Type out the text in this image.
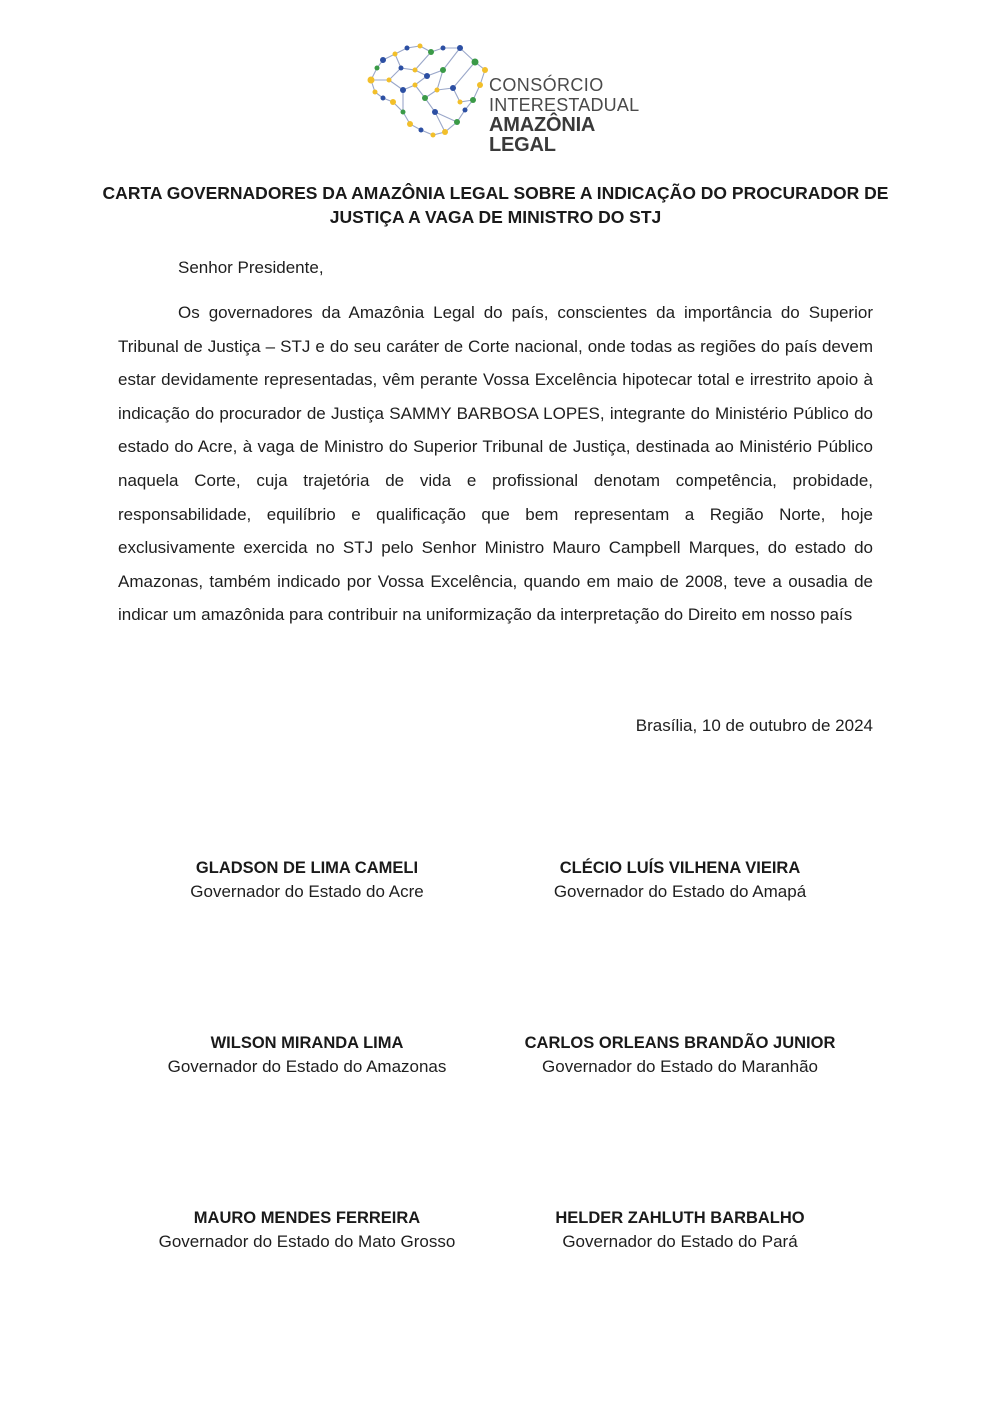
CONSÓRCIO
INTERESTADUAL
AMAZÔNIA LEGAL
CARTA GOVERNADORES DA AMAZÔNIA LEGAL SOBRE A INDICAÇÃO DO PROCURADOR DE JUSTIÇA A VAGA DE MINISTRO DO STJ

Senhor Presidente,

Os governadores da Amazônia Legal do país, conscientes da importância do Superior Tribunal de Justiça – STJ e do seu caráter de Corte nacional, onde todas as regiões do país devem estar devidamente representadas, vêm perante Vossa Excelência hipotecar total e irrestrito apoio à indicação do procurador de Justiça SAMMY BARBOSA LOPES, integrante do Ministério Público do estado do Acre, à vaga de Ministro do Superior Tribunal de Justiça, destinada ao Ministério Público naquela Corte, cuja trajetória de vida e profissional denotam competência, probidade, responsabilidade, equilíbrio e qualificação que bem representam a Região Norte, hoje exclusivamente exercida no STJ pelo Senhor Ministro Mauro Campbell Marques, do estado do Amazonas, também indicado por Vossa Excelência, quando em maio de 2008, teve a ousadia de indicar um amazônida para contribuir na uniformização da interpretação do Direito em nosso país

Brasília, 10 de outubro de 2024

GLADSON DE LIMA CAMELI
Governador do Estado do Acre
CLÉCIO LUÍS VILHENA VIEIRA
Governador do Estado do Amapá
WILSON MIRANDA LIMA
Governador do Estado do Amazonas
CARLOS ORLEANS BRANDÃO JUNIOR
Governador do Estado do Maranhão
MAURO MENDES FERREIRA
Governador do Estado do Mato Grosso
HELDER ZAHLUTH BARBALHO
Governador do Estado do Pará
